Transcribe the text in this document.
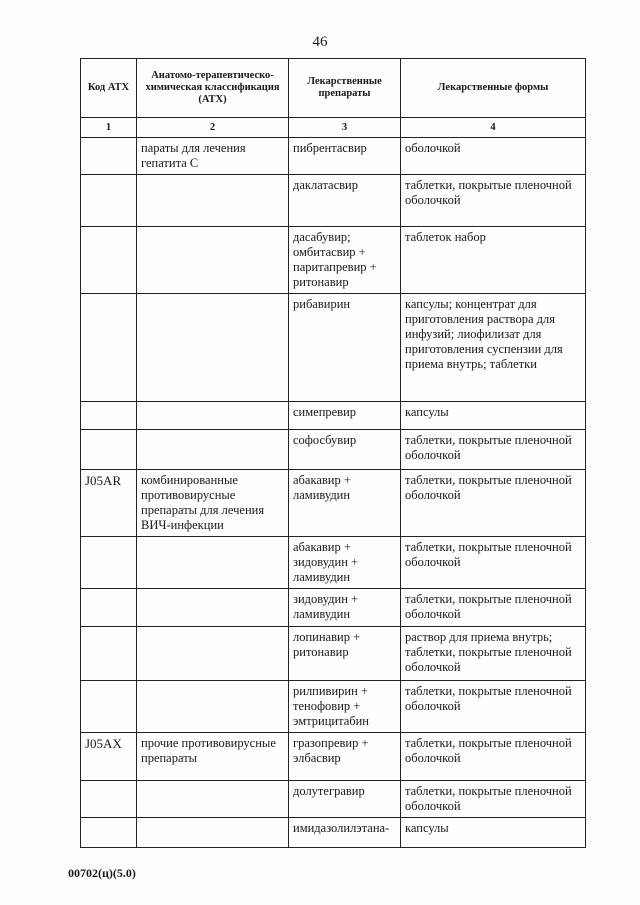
46
Код АТХ	Анатомо-терапевтическо-химическая классификация (АТХ)	Лекарственные препараты	Лекарственные формы
1	2	3	4
	параты для лечения гепатита С	пибрентасвир	оболочкой
		даклатасвир	таблетки, покрытые пленочной оболочкой
		дасабувир; омбитасвир + паритапревир + ритонавир	таблеток набор
		рибавирин	капсулы; концентрат для приготовления раствора для инфузий; лиофилизат для приготовления суспензии для приема внутрь; таблетки
		симепревир	капсулы
		софосбувир	таблетки, покрытые пленочной оболочкой
J05AR	комбинированные противовирусные препараты для лечения ВИЧ-инфекции	абакавир + ламивудин	таблетки, покрытые пленочной оболочкой
		абакавир + зидовудин + ламивудин	таблетки, покрытые пленочной оболочкой
		зидовудин + ламивудин	таблетки, покрытые пленочной оболочкой
		лопинавир + ритонавир	раствор для приема внутрь; таблетки, покрытые пленочной оболочкой
		рилпивирин + тенофовир + эмтрицитабин	таблетки, покрытые пленочной оболочкой
J05AX	прочие противовирусные препараты	гразопревир + элбасвир	таблетки, покрытые пленочной оболочкой
		долутегравир	таблетки, покрытые пленочной оболочкой
		имидазолилэтана-	капсулы
00702(ц)(5.0)
